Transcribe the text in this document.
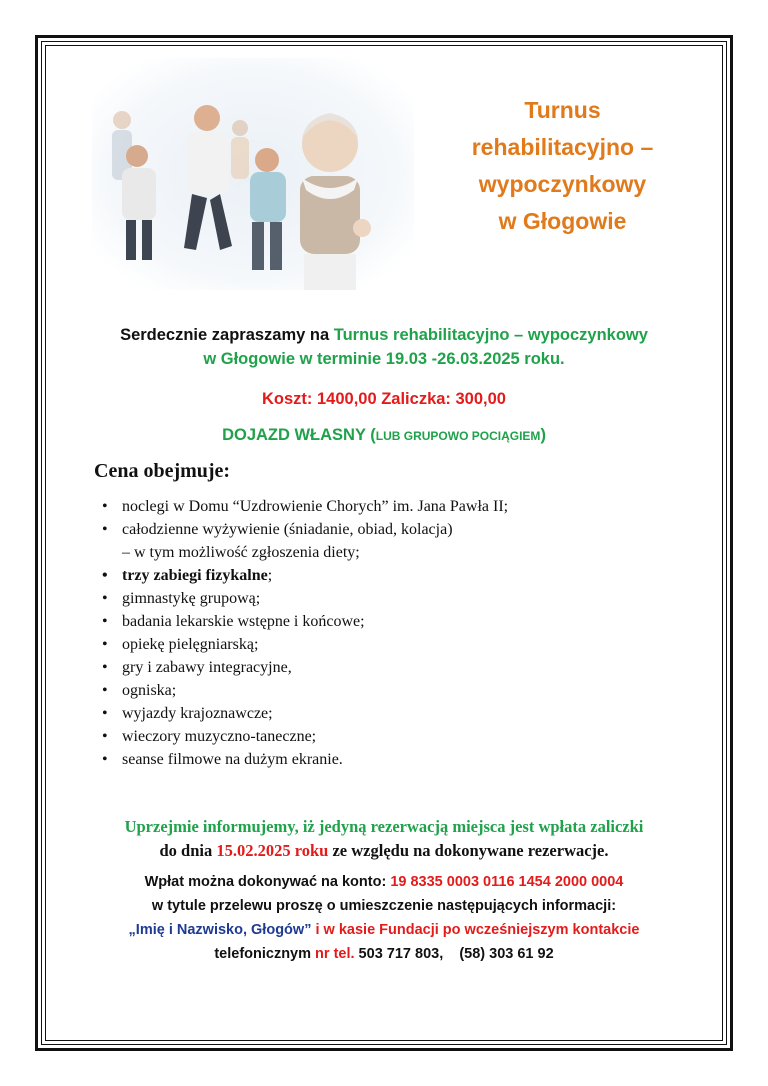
Turnus
rehabilitacyjno –
wypoczynkowy
w Głogowie
Serdecznie zapraszamy na Turnus rehabilitacyjno – wypoczynkowy
w Głogowie w terminie 19.03 -26.03.2025 roku.
Koszt: 1400,00 Zaliczka: 300,00
DOJAZD WŁASNY (LUB GRUPOWO POCIĄGIEM)
Cena obejmuje:
• noclegi w Domu “Uzdrowienie Chorych” im. Jana Pawła II;
• całodzienne wyżywienie (śniadanie, obiad, kolacja)
– w tym możliwość zgłoszenia diety;
• trzy zabiegi fizykalne;
• gimnastykę grupową;
• badania lekarskie wstępne i końcowe;
• opiekę pielęgniarską;
• gry i zabawy integracyjne,
• ogniska;
• wyjazdy krajoznawcze;
• wieczory muzyczno-taneczne;
• seanse filmowe na dużym ekranie.
Uprzejmie informujemy, iż jedyną rezerwacją miejsca jest wpłata zaliczki
do dnia 15.02.2025 roku ze względu na dokonywane rezerwacje.
Wpłat można dokonywać na konto: 19 8335 0003 0116 1454 2000 0004
w tytule przelewu proszę o umieszczenie następujących informacji:
„Imię i Nazwisko, Głogów” i w kasie Fundacji po wcześniejszym kontakcie
telefonicznym nr tel. 503 717 803,    (58) 303 61 92
